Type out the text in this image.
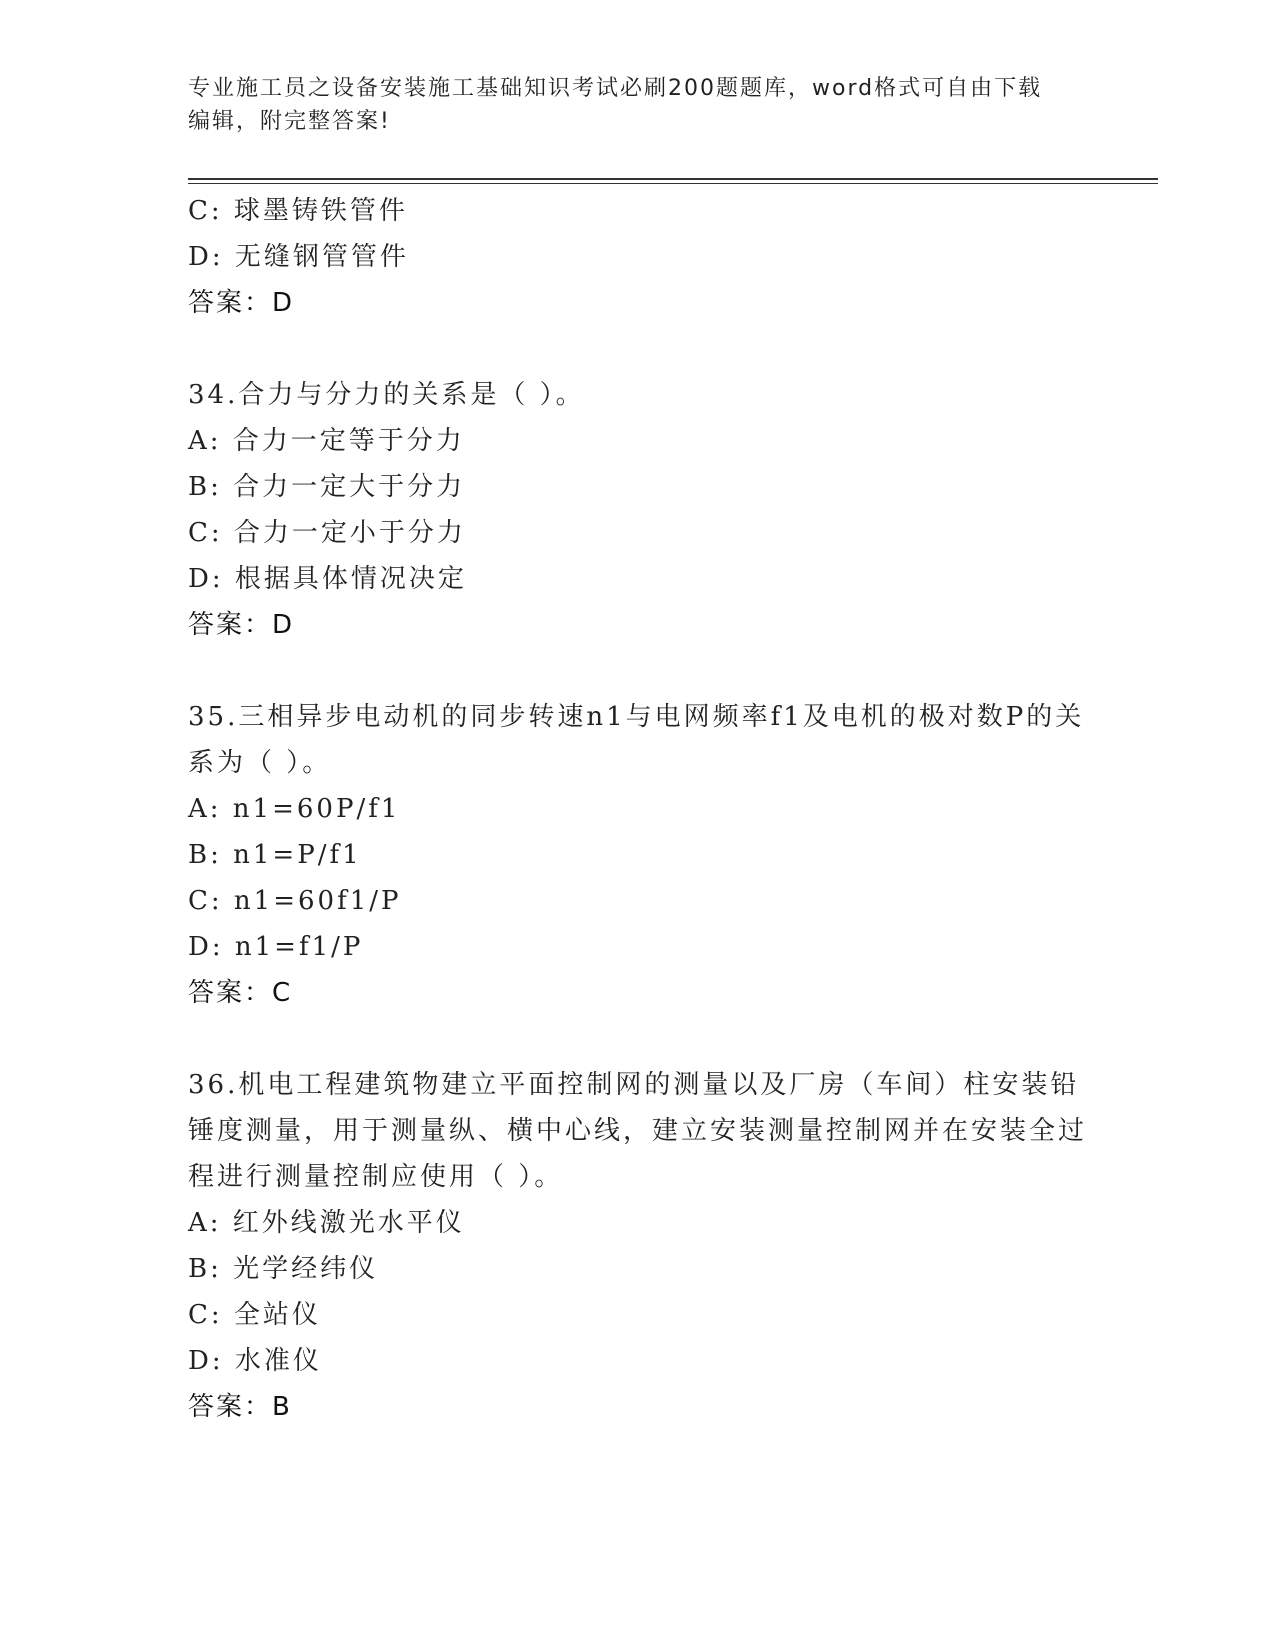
专业施工员之设备安装施工基础知识考试必刷200题题库，word格式可自由下载
编辑，附完整答案!
C: 球墨铸铁管件
D: 无缝钢管管件
答案：D
34.合力与分力的关系是（ ）。
A: 合力一定等于分力
B: 合力一定大于分力
C: 合力一定小于分力
D: 根据具体情况决定
答案：D
35.三相异步电动机的同步转速n1与电网频率f1及电机的极对数P的关系为（ ）。
A: n1=60P/f1
B: n1=P/f1
C: n1=60f1/P
D: n1=f1/P
答案：C
36.机电工程建筑物建立平面控制网的测量以及厂房（车间）柱安装铅锤度测量，用于测量纵、横中心线，建立安装测量控制网并在安装全过程进行测量控制应使用（ ）。
A: 红外线激光水平仪
B: 光学经纬仪
C: 全站仪
D: 水准仪
答案：B
